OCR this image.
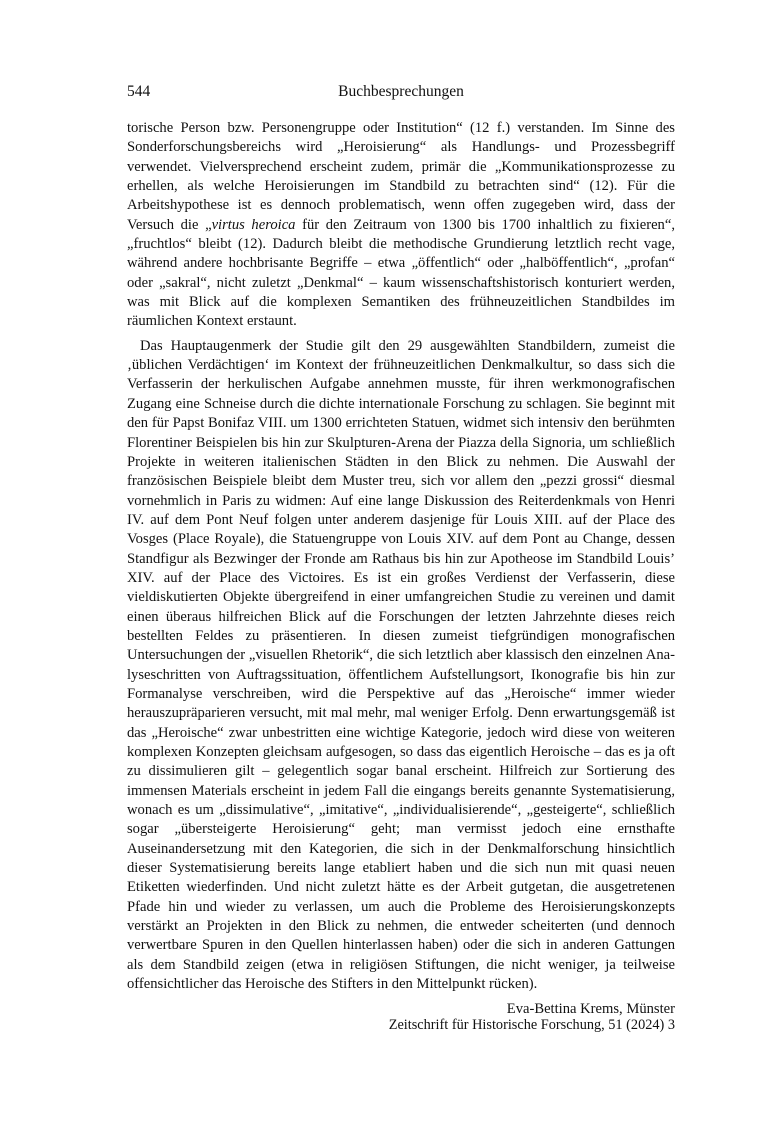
544	Buchbesprechungen

torische Person bzw. Personengruppe oder Institution“ (12 f.) verstanden. Im Sinne des Sonderforschungsbereichs wird „Heroisierung“ als Handlungs- und Prozessbegriff verwendet. Vielversprechend erscheint zudem, primär die „Kommunikationsprozesse zu erhellen, als welche Heroisierungen im Standbild zu betrachten sind“ (12). Für die Arbeitshypothese ist es dennoch problematisch, wenn offen zugegeben wird, dass der Versuch die „virtus heroica für den Zeitraum von 1300 bis 1700 inhaltlich zu fixieren“, „fruchtlos“ bleibt (12). Dadurch bleibt die methodische Grundierung letztlich recht vage, während andere hochbrisante Begriffe – etwa „öffentlich“ oder „halböffentlich“, „profan“ oder „sakral“, nicht zuletzt „Denkmal“ – kaum wissenschaftshistorisch konturiert werden, was mit Blick auf die komplexen Semantiken des frühneuzeitlichen Standbildes im räumlichen Kontext erstaunt.

Das Hauptaugenmerk der Studie gilt den 29 ausgewählten Standbildern, zumeist die ‚üblichen Verdächtigen‘ im Kontext der frühneuzeitlichen Denkmalkultur, so dass sich die Verfasserin der herkulischen Aufgabe annehmen musste, für ihren werkmonografischen Zugang eine Schneise durch die dichte internationale Forschung zu schlagen. Sie beginnt mit den für Papst Bonifaz VIII. um 1300 errichteten Statuen, widmet sich intensiv den berühmten Florentiner Beispielen bis hin zur Skulpturen-Arena der Piazza della Signoria, um schließlich Projekte in weiteren italienischen Städten in den Blick zu nehmen. Die Auswahl der französischen Beispiele bleibt dem Muster treu, sich vor allem den „pezzi grossi“ diesmal vornehmlich in Paris zu widmen: Auf eine lange Diskussion des Reiterdenkmals von Henri IV. auf dem Pont Neuf folgen unter anderem dasjenige für Louis XIII. auf der Place des Vosges (Place Royale), die Statuengruppe von Louis XIV. auf dem Pont au Change, dessen Standfigur als Bezwinger der Fronde am Rathaus bis hin zur Apotheose im Standbild Louis’ XIV. auf der Place des Victoires. Es ist ein großes Verdienst der Verfasserin, diese vieldiskutierten Objekte übergreifend in einer umfangreichen Studie zu vereinen und damit einen überaus hilfreichen Blick auf die Forschungen der letzten Jahrzehnte dieses reich bestellten Feldes zu präsentieren. In diesen zumeist tiefgründigen monografischen Untersuchungen der „visuellen Rhetorik“, die sich letztlich aber klassisch den einzelnen Analyseschritten von Auftragssituation, öffentlichem Aufstellungsort, Ikonografie bis hin zur Formanalyse verschreiben, wird die Perspektive auf das „Heroische“ immer wieder herauszupräparieren versucht, mit mal mehr, mal weniger Erfolg. Denn erwartungsgemäß ist das „Heroische“ zwar unbestritten eine wichtige Kategorie, jedoch wird diese von weiteren komplexen Konzepten gleichsam aufgesogen, so dass das eigentlich Heroische – das es ja oft zu dissimulieren gilt – gelegentlich sogar banal erscheint. Hilfreich zur Sortierung des immensen Materials erscheint in jedem Fall die eingangs bereits genannte Systematisierung, wonach es um „dissimulative“, „imitative“, „individualisierende“, „gesteigerte“, schließlich sogar „übersteigerte Heroisierung“ geht; man vermisst jedoch eine ernsthafte Auseinandersetzung mit den Kategorien, die sich in der Denkmalforschung hinsichtlich dieser Systematisierung bereits lange etabliert haben und die sich nun mit quasi neuen Etiketten wiederfinden. Und nicht zuletzt hätte es der Arbeit gutgetan, die ausgetretenen Pfade hin und wieder zu verlassen, um auch die Probleme des Heroisierungskonzepts verstärkt an Projekten in den Blick zu nehmen, die entweder scheiterten (und dennoch verwertbare Spuren in den Quellen hinterlassen haben) oder die sich in anderen Gattungen als dem Standbild zeigen (etwa in religiösen Stiftungen, die nicht weniger, ja teilweise offensichtlicher das Heroische des Stifters in den Mittelpunkt rücken).

Eva-Bettina Krems, Münster
Zeitschrift für Historische Forschung, 51 (2024) 3
